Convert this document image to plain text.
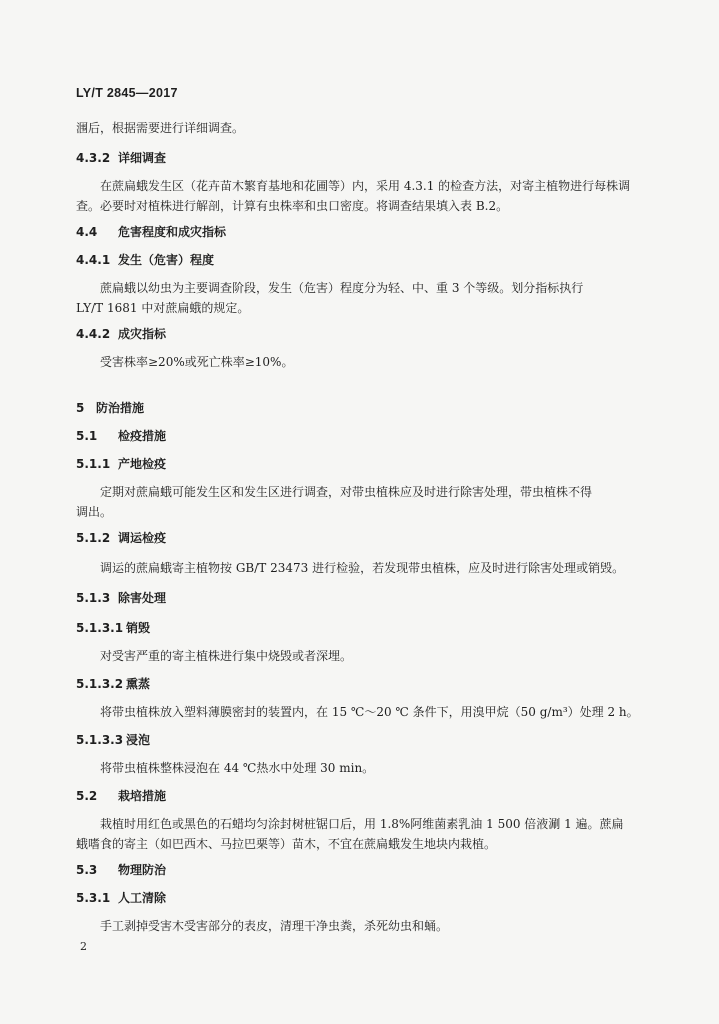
LY/T 2845—2017
涠后，根据需要进行详细调查。
4.3.2 详细调查
在蔗扁蛾发生区（花卉苗木繁育基地和花圃等）内，采用 4.3.1 的检查方法，对寄主植物进行每株调
查。必要时对植株进行解剖，计算有虫株率和虫口密度。将调查结果填入表 B.2。
4.4 危害程度和成灾指标
4.4.1 发生（危害）程度
蔗扁蛾以幼虫为主要调查阶段，发生（危害）程度分为轻、中、重 3 个等级。划分指标执行
LY/T 1681 中对蔗扁蛾的规定。
4.4.2 成灾指标
受害株率≥20%或死亡株率≥10%。
5 防治措施
5.1 检疫措施
5.1.1 产地检疫
定期对蔗扁蛾可能发生区和发生区进行调查，对带虫植株应及时进行除害处理，带虫植株不得
调出。
5.1.2 调运检疫
调运的蔗扁蛾寄主植物按 GB/T 23473 进行检验，若发现带虫植株，应及时进行除害处理或销毁。
5.1.3 除害处理
5.1.3.1 销毁
对受害严重的寄主植株进行集中烧毁或者深埋。
5.1.3.2 熏蒸
将带虫植株放入塑料薄膜密封的装置内，在 15 ℃～20 ℃ 条件下，用溴甲烷（50 g/m³）处理 2 h。
5.1.3.3 浸泡
将带虫植株整株浸泡在 44 ℃热水中处理 30 min。
5.2 栽培措施
栽植时用红色或黑色的石蜡均匀涂封树桩锯口后，用 1.8%阿维菌素乳油 1 500 倍液涮 1 遍。蔗扁
蛾嗜食的寄主（如巴西木、马拉巴栗等）苗木，不宜在蔗扁蛾发生地块内栽植。
5.3 物理防治
5.3.1 人工清除
手工剥掉受害木受害部分的表皮，清理干净虫粪，杀死幼虫和蛹。
2
